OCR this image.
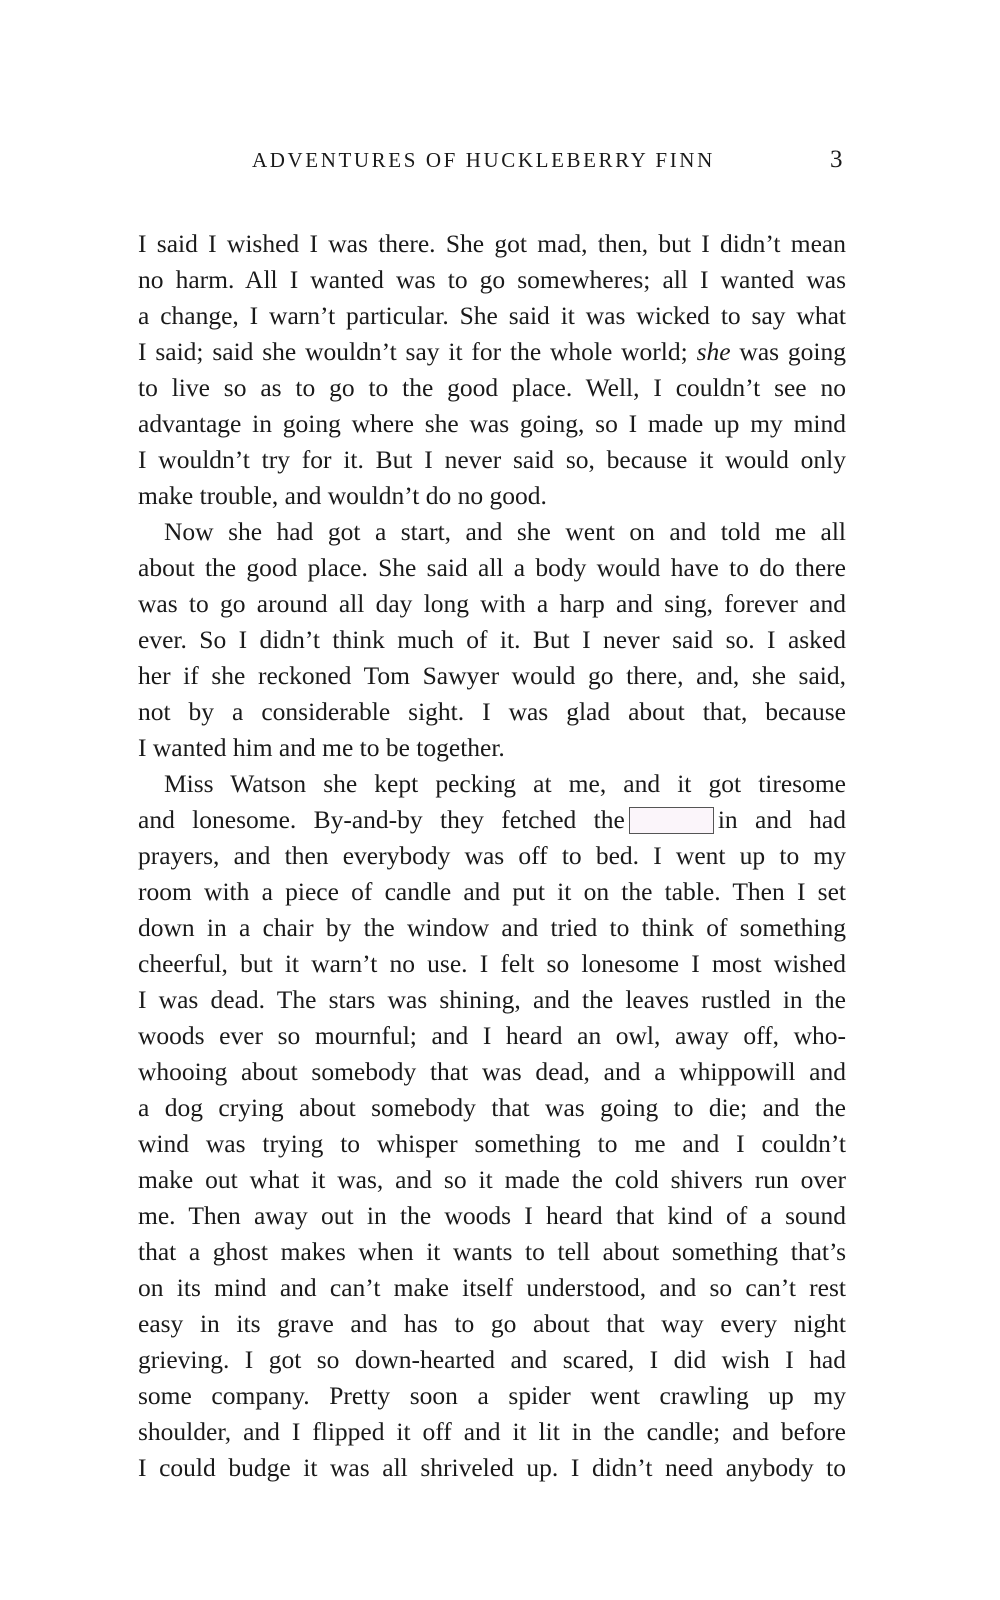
ADVENTURES OF HUCKLEBERRY FINN	3
I said I wished I was there. She got mad, then, but I didn’t mean
no harm. All I wanted was to go somewheres; all I wanted was
a change, I warn’t particular. She said it was wicked to say what
I said; said she wouldn’t say it for the whole world; she was going
to live so as to go to the good place. Well, I couldn’t see no
advantage in going where she was going, so I made up my mind
I wouldn’t try for it. But I never said so, because it would only
make trouble, and wouldn’t do no good.
Now she had got a start, and she went on and told me all
about the good place. She said all a body would have to do there
was to go around all day long with a harp and sing, forever and
ever. So I didn’t think much of it. But I never said so. I asked
her if she reckoned Tom Sawyer would go there, and, she said,
not by a considerable sight. I was glad about that, because
I wanted him and me to be together.
Miss Watson she kept pecking at me, and it got tiresome
and lonesome. By-and-by they fetched the	in and had
prayers, and then everybody was off to bed. I went up to my
room with a piece of candle and put it on the table. Then I set
down in a chair by the window and tried to think of something
cheerful, but it warn’t no use. I felt so lonesome I most wished
I was dead. The stars was shining, and the leaves rustled in the
woods ever so mournful; and I heard an owl, away off, who-
whooing about somebody that was dead, and a whippowill and
a dog crying about somebody that was going to die; and the
wind was trying to whisper something to me and I couldn’t
make out what it was, and so it made the cold shivers run over
me. Then away out in the woods I heard that kind of a sound
that a ghost makes when it wants to tell about something that’s
on its mind and can’t make itself understood, and so can’t rest
easy in its grave and has to go about that way every night
grieving. I got so down-hearted and scared, I did wish I had
some company. Pretty soon a spider went crawling up my
shoulder, and I flipped it off and it lit in the candle; and before
I could budge it was all shriveled up. I didn’t need anybody to
